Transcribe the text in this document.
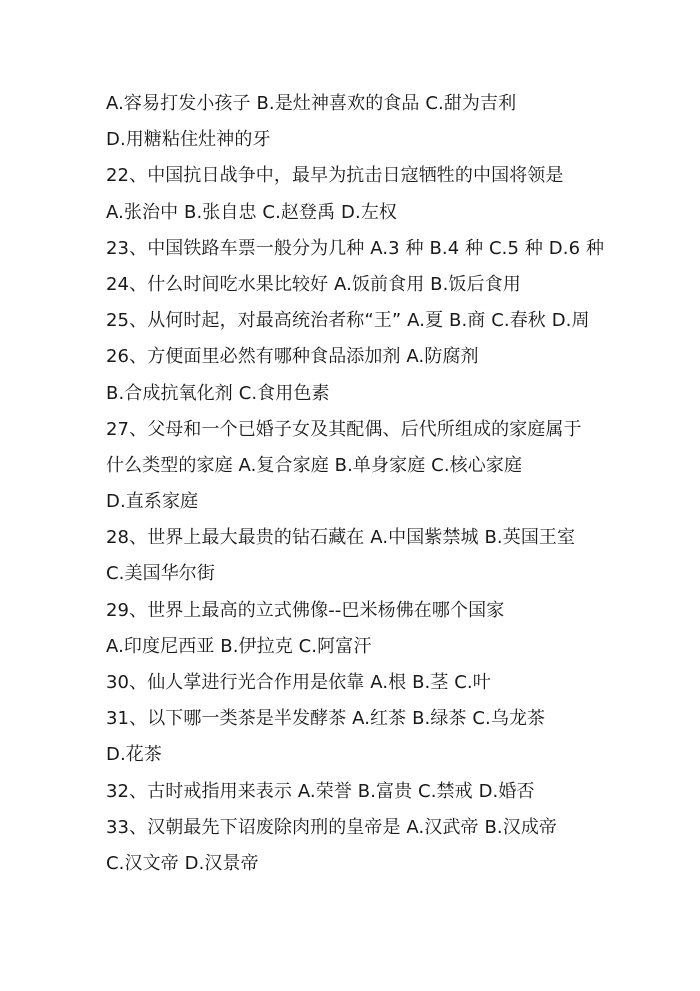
A.容易打发小孩子 B.是灶神喜欢的食品 C.甜为吉利
D.用糖粘住灶神的牙
22、中国抗日战争中，最早为抗击日寇牺牲的中国将领是
A.张治中 B.张自忠 C.赵登禹 D.左权
23、中国铁路车票一般分为几种 A.3 种 B.4 种 C.5 种 D.6 种
24、什么时间吃水果比较好 A.饭前食用 B.饭后食用
25、从何时起，对最高统治者称“王” A.夏 B.商 C.春秋 D.周
26、方便面里必然有哪种食品添加剂 A.防腐剂
B.合成抗氧化剂 C.食用色素
27、父母和一个已婚子女及其配偶、后代所组成的家庭属于
什么类型的家庭 A.复合家庭 B.单身家庭 C.核心家庭
D.直系家庭
28、世界上最大最贵的钻石藏在 A.中国紫禁城 B.英国王室
C.美国华尔街
29、世界上最高的立式佛像--巴米杨佛在哪个国家
A.印度尼西亚 B.伊拉克 C.阿富汗
30、仙人掌进行光合作用是依靠 A.根 B.茎 C.叶
31、以下哪一类茶是半发酵茶 A.红茶 B.绿茶 C.乌龙茶
D.花茶
32、古时戒指用来表示 A.荣誉 B.富贵 C.禁戒 D.婚否
33、汉朝最先下诏废除肉刑的皇帝是 A.汉武帝 B.汉成帝
C.汉文帝 D.汉景帝
